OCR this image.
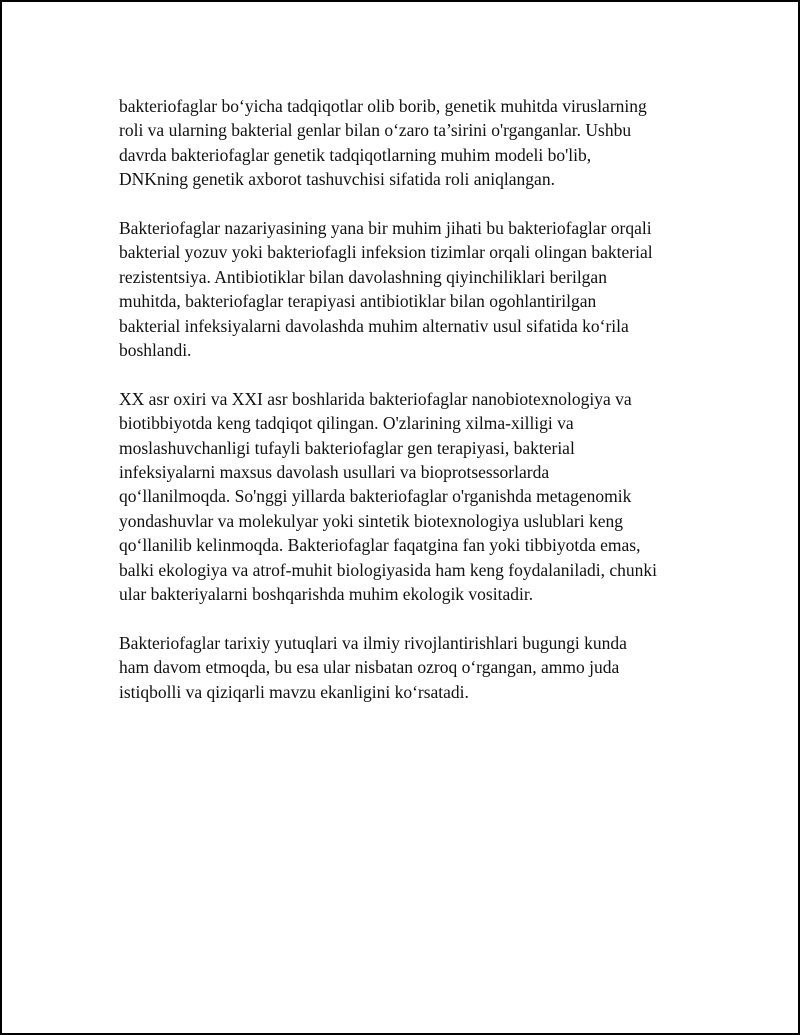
bakteriofaglar bo‘yicha tadqiqotlar olib borib, genetik muhitda viruslarning
roli va ularning bakterial genlar bilan o‘zaro ta’sirini o'rganganlar. Ushbu
davrda bakteriofaglar genetik tadqiqotlarning muhim modeli bo'lib,
DNKning genetik axborot tashuvchisi sifatida roli aniqlangan.

Bakteriofaglar nazariyasining yana bir muhim jihati bu bakteriofaglar orqali
bakterial yozuv yoki bakteriofagli infeksion tizimlar orqali olingan bakterial
rezistentsiya. Antibiotiklar bilan davolashning qiyinchiliklari berilgan
muhitda, bakteriofaglar terapiyasi antibiotiklar bilan ogohlantirilgan
bakterial infeksiyalarni davolashda muhim alternativ usul sifatida ko‘rila
boshlandi.

XX asr oxiri va XXI asr boshlarida bakteriofaglar nanobiotexnologiya va
biotibbiyotda keng tadqiqot qilingan. O'zlarining xilma-xilligi va
moslashuvchanligi tufayli bakteriofaglar gen terapiyasi, bakterial
infeksiyalarni maxsus davolash usullari va bioprotsessorlarda
qo‘llanilmoqda. So'nggi yillarda bakteriofaglar o'rganishda metagenomik
yondashuvlar va molekulyar yoki sintetik biotexnologiya uslublari keng
qo‘llanilib kelinmoqda. Bakteriofaglar faqatgina fan yoki tibbiyotda emas,
balki ekologiya va atrof-muhit biologiyasida ham keng foydalaniladi, chunki
ular bakteriyalarni boshqarishda muhim ekologik vositadir.

Bakteriofaglar tarixiy yutuqlari va ilmiy rivojlantirishlari bugungi kunda
ham davom etmoqda, bu esa ular nisbatan ozroq o‘rgangan, ammo juda
istiqbolli va qiziqarli mavzu ekanligini ko‘rsatadi.
